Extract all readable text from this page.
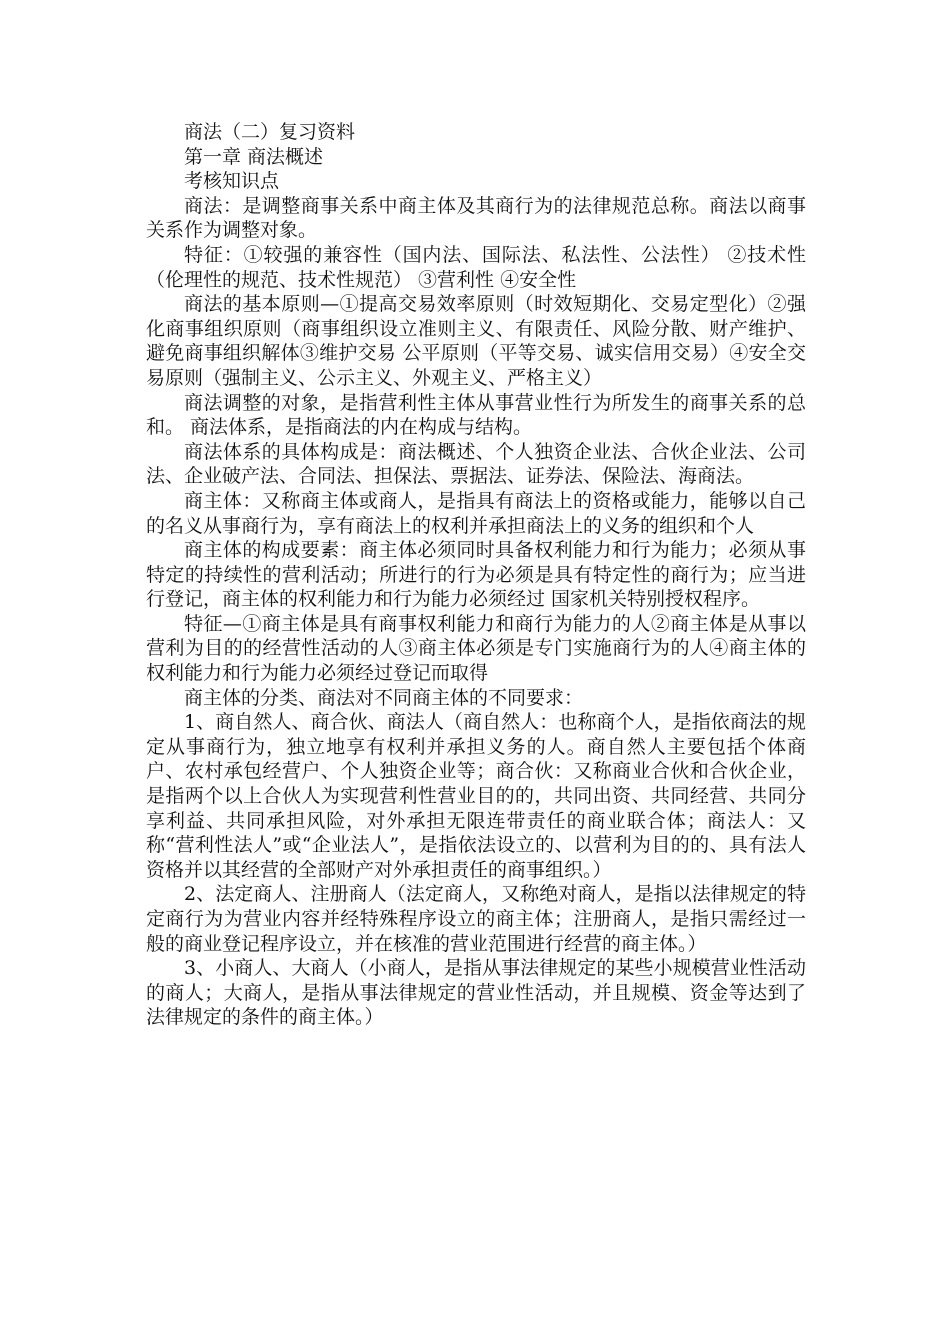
商法（二）复习资料

第一章 商法概述

考核知识点

商法：是调整商事关系中商主体及其商行为的法律规范总称。商法以商事关系作为调整对象。

特征：①较强的兼容性（国内法、国际法、私法性、公法性） ②技术性（伦理性的规范、技术性规范） ③营利性 ④安全性

商法的基本原则—①提高交易效率原则（时效短期化、交易定型化）②强化商事组织原则（商事组织设立准则主义、有限责任、风险分散、财产维护、避免商事组织解体③维护交易 公平原则（平等交易、诚实信用交易）④安全交易原则（强制主义、公示主义、外观主义、严格主义）

商法调整的对象，是指营利性主体从事营业性行为所发生的商事关系的总和。 商法体系，是指商法的内在构成与结构。

商法体系的具体构成是：商法概述、个人独资企业法、合伙企业法、公司法、企业破产法、合同法、担保法、票据法、证券法、保险法、海商法。

商主体：又称商主体或商人，是指具有商法上的资格或能力，能够以自己的名义从事商行为，享有商法上的权利并承担商法上的义务的组织和个人

商主体的构成要素：商主体必须同时具备权利能力和行为能力；必须从事特定的持续性的营利活动；所进行的行为必须是具有特定性的商行为；应当进行登记，商主体的权利能力和行为能力必须经过 国家机关特别授权程序。

特征—①商主体是具有商事权利能力和商行为能力的人②商主体是从事以营利为目的的经营性活动的人③商主体必须是专门实施商行为的人④商主体的权利能力和行为能力必须经过登记而取得

商主体的分类、商法对不同商主体的不同要求：

1、商自然人、商合伙、商法人（商自然人：也称商个人，是指依商法的规定从事商行为，独立地享有权利并承担义务的人。商自然人主要包括个体商户、农村承包经营户、个人独资企业等；商合伙：又称商业合伙和合伙企业，是指两个以上合伙人为实现营利性营业目的的，共同出资、共同经营、共同分享利益、共同承担风险，对外承担无限连带责任的商业联合体；商法人：又称“营利性法人”或“企业法人”，是指依法设立的、以营利为目的的、具有法人资格并以其经营的全部财产对外承担责任的商事组织。）

2、法定商人、注册商人（法定商人，又称绝对商人，是指以法律规定的特定商行为为营业内容并经特殊程序设立的商主体；注册商人，是指只需经过一般的商业登记程序设立，并在核准的营业范围进行经营的商主体。）

3、小商人、大商人（小商人，是指从事法律规定的某些小规模营业性活动的商人；大商人，是指从事法律规定的营业性活动，并且规模、资金等达到了法律规定的条件的商主体。）
